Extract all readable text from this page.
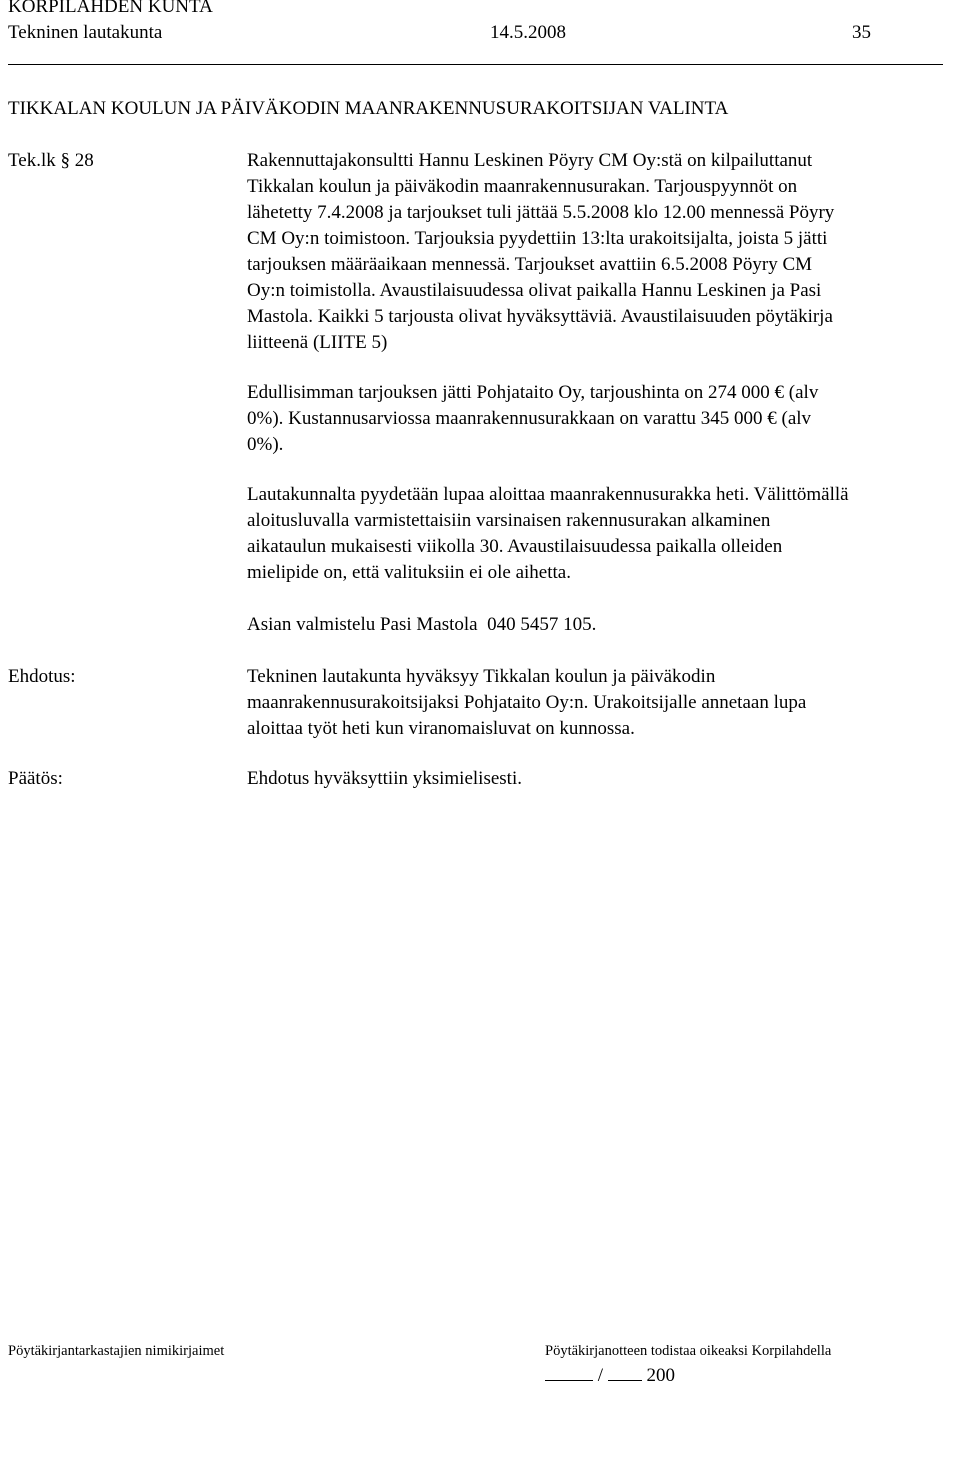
KORPILAHDEN KUNTA
Tekninen lautakunta	14.5.2008	35
TIKKALAN KOULUN JA PÄIVÄKODIN MAANRAKENNUSURAKOITSIJAN VALINTA
Tek.lk § 28	Rakennuttajakonsultti Hannu Leskinen Pöyry CM Oy:stä on kilpailuttanut

Tikkalan koulun ja päiväkodin maanrakennusurakan. Tarjouspyynnöt on

lähetetty 7.4.2008 ja tarjoukset tuli jättää 5.5.2008 klo 12.00 mennessä Pöyry

CM Oy:n toimistoon. Tarjouksia pyydettiin 13:lta urakoitsijalta, joista 5 jätti

tarjouksen määräaikaan mennessä. Tarjoukset avattiin 6.5.2008 Pöyry CM

Oy:n toimistolla. Avaustilaisuudessa olivat paikalla Hannu Leskinen ja Pasi

Mastola. Kaikki 5 tarjousta olivat hyväksyttäviä. Avaustilaisuuden pöytäkirja

liitteenä (LIITE 5)

Edullisimman tarjouksen jätti Pohjataito Oy, tarjoushinta on 274 000 € (alv

0%). Kustannusarviossa maanrakennusurakkaan on varattu 345 000 € (alv

0%).

Lautakunnalta pyydetään lupaa aloittaa maanrakennusurakka heti. Välittömällä

aloitusluvalla varmistettaisiin varsinaisen rakennusurakan alkaminen

aikataulun mukaisesti viikolla 30. Avaustilaisuudessa paikalla olleiden

mielipide on, että valituksiin ei ole aihetta.

Asian valmistelu Pasi Mastola  040 5457 105.
Ehdotus:	Tekninen lautakunta hyväksyy Tikkalan koulun ja päiväkodin

maanrakennusurakoitsijaksi Pohjataito Oy:n. Urakoitsijalle annetaan lupa

aloittaa työt heti kun viranomaisluvat on kunnossa.

Päätös:	Ehdotus hyväksyttiin yksimielisesti.
Pöytäkirjantarkastajien nimikirjaimet	Pöytäkirjanotteen todistaa oikeaksi Korpilahdella
/ 200
